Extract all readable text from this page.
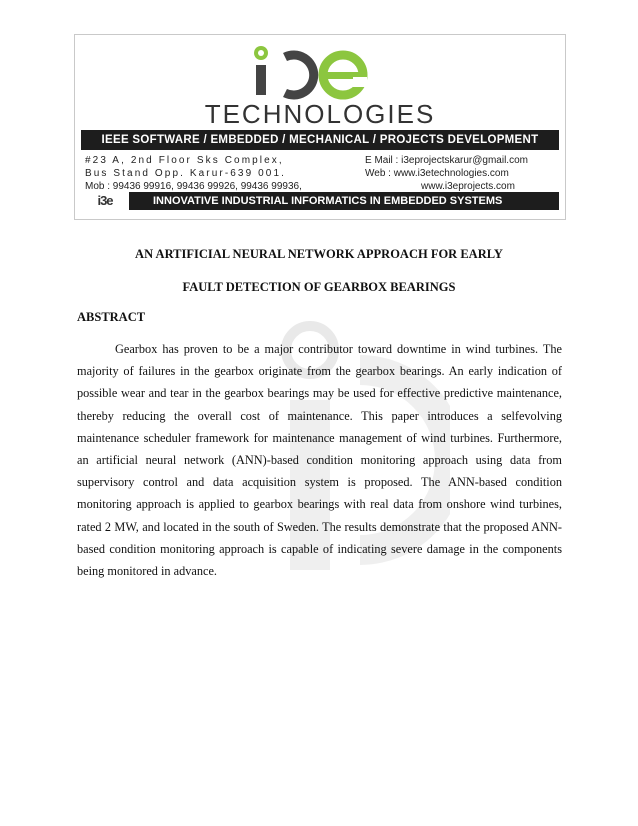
TECHNOLOGIES
IEEE SOFTWARE / EMBEDDED / MECHANICAL / PROJECTS DEVELOPMENT
#23 A, 2nd Floor Sks Complex,
Bus Stand Opp. Karur-639 001.
Mob : 99436 99916, 99436 99926, 99436 99936,
E Mail : i3eprojectskarur@gmail.com
Web : www.i3etechnologies.com
www.i3eprojects.com
i3e	INNOVATIVE INDUSTRIAL INFORMATICS IN EMBEDDED SYSTEMS
AN ARTIFICIAL NEURAL NETWORK APPROACH FOR EARLY
FAULT DETECTION OF GEARBOX BEARINGS
ABSTRACT

Gearbox has proven to be a major contributor toward downtime in wind turbines. The majority of failures in the gearbox originate from the gearbox bearings. An early indication of possible wear and tear in the gearbox bearings may be used for effective predictive maintenance, thereby reducing the overall cost of maintenance. This paper introduces a selfevolving maintenance scheduler framework for maintenance management of wind turbines. Furthermore, an artificial neural network (ANN)-based condition monitoring approach using data from supervisory control and data acquisition system is proposed. The ANN-based condition monitoring approach is applied to gearbox bearings with real data from onshore wind turbines, rated 2 MW, and located in the south of Sweden. The results demonstrate that the proposed ANN-based condition monitoring approach is capable of indicating severe damage in the components being monitored in advance.
